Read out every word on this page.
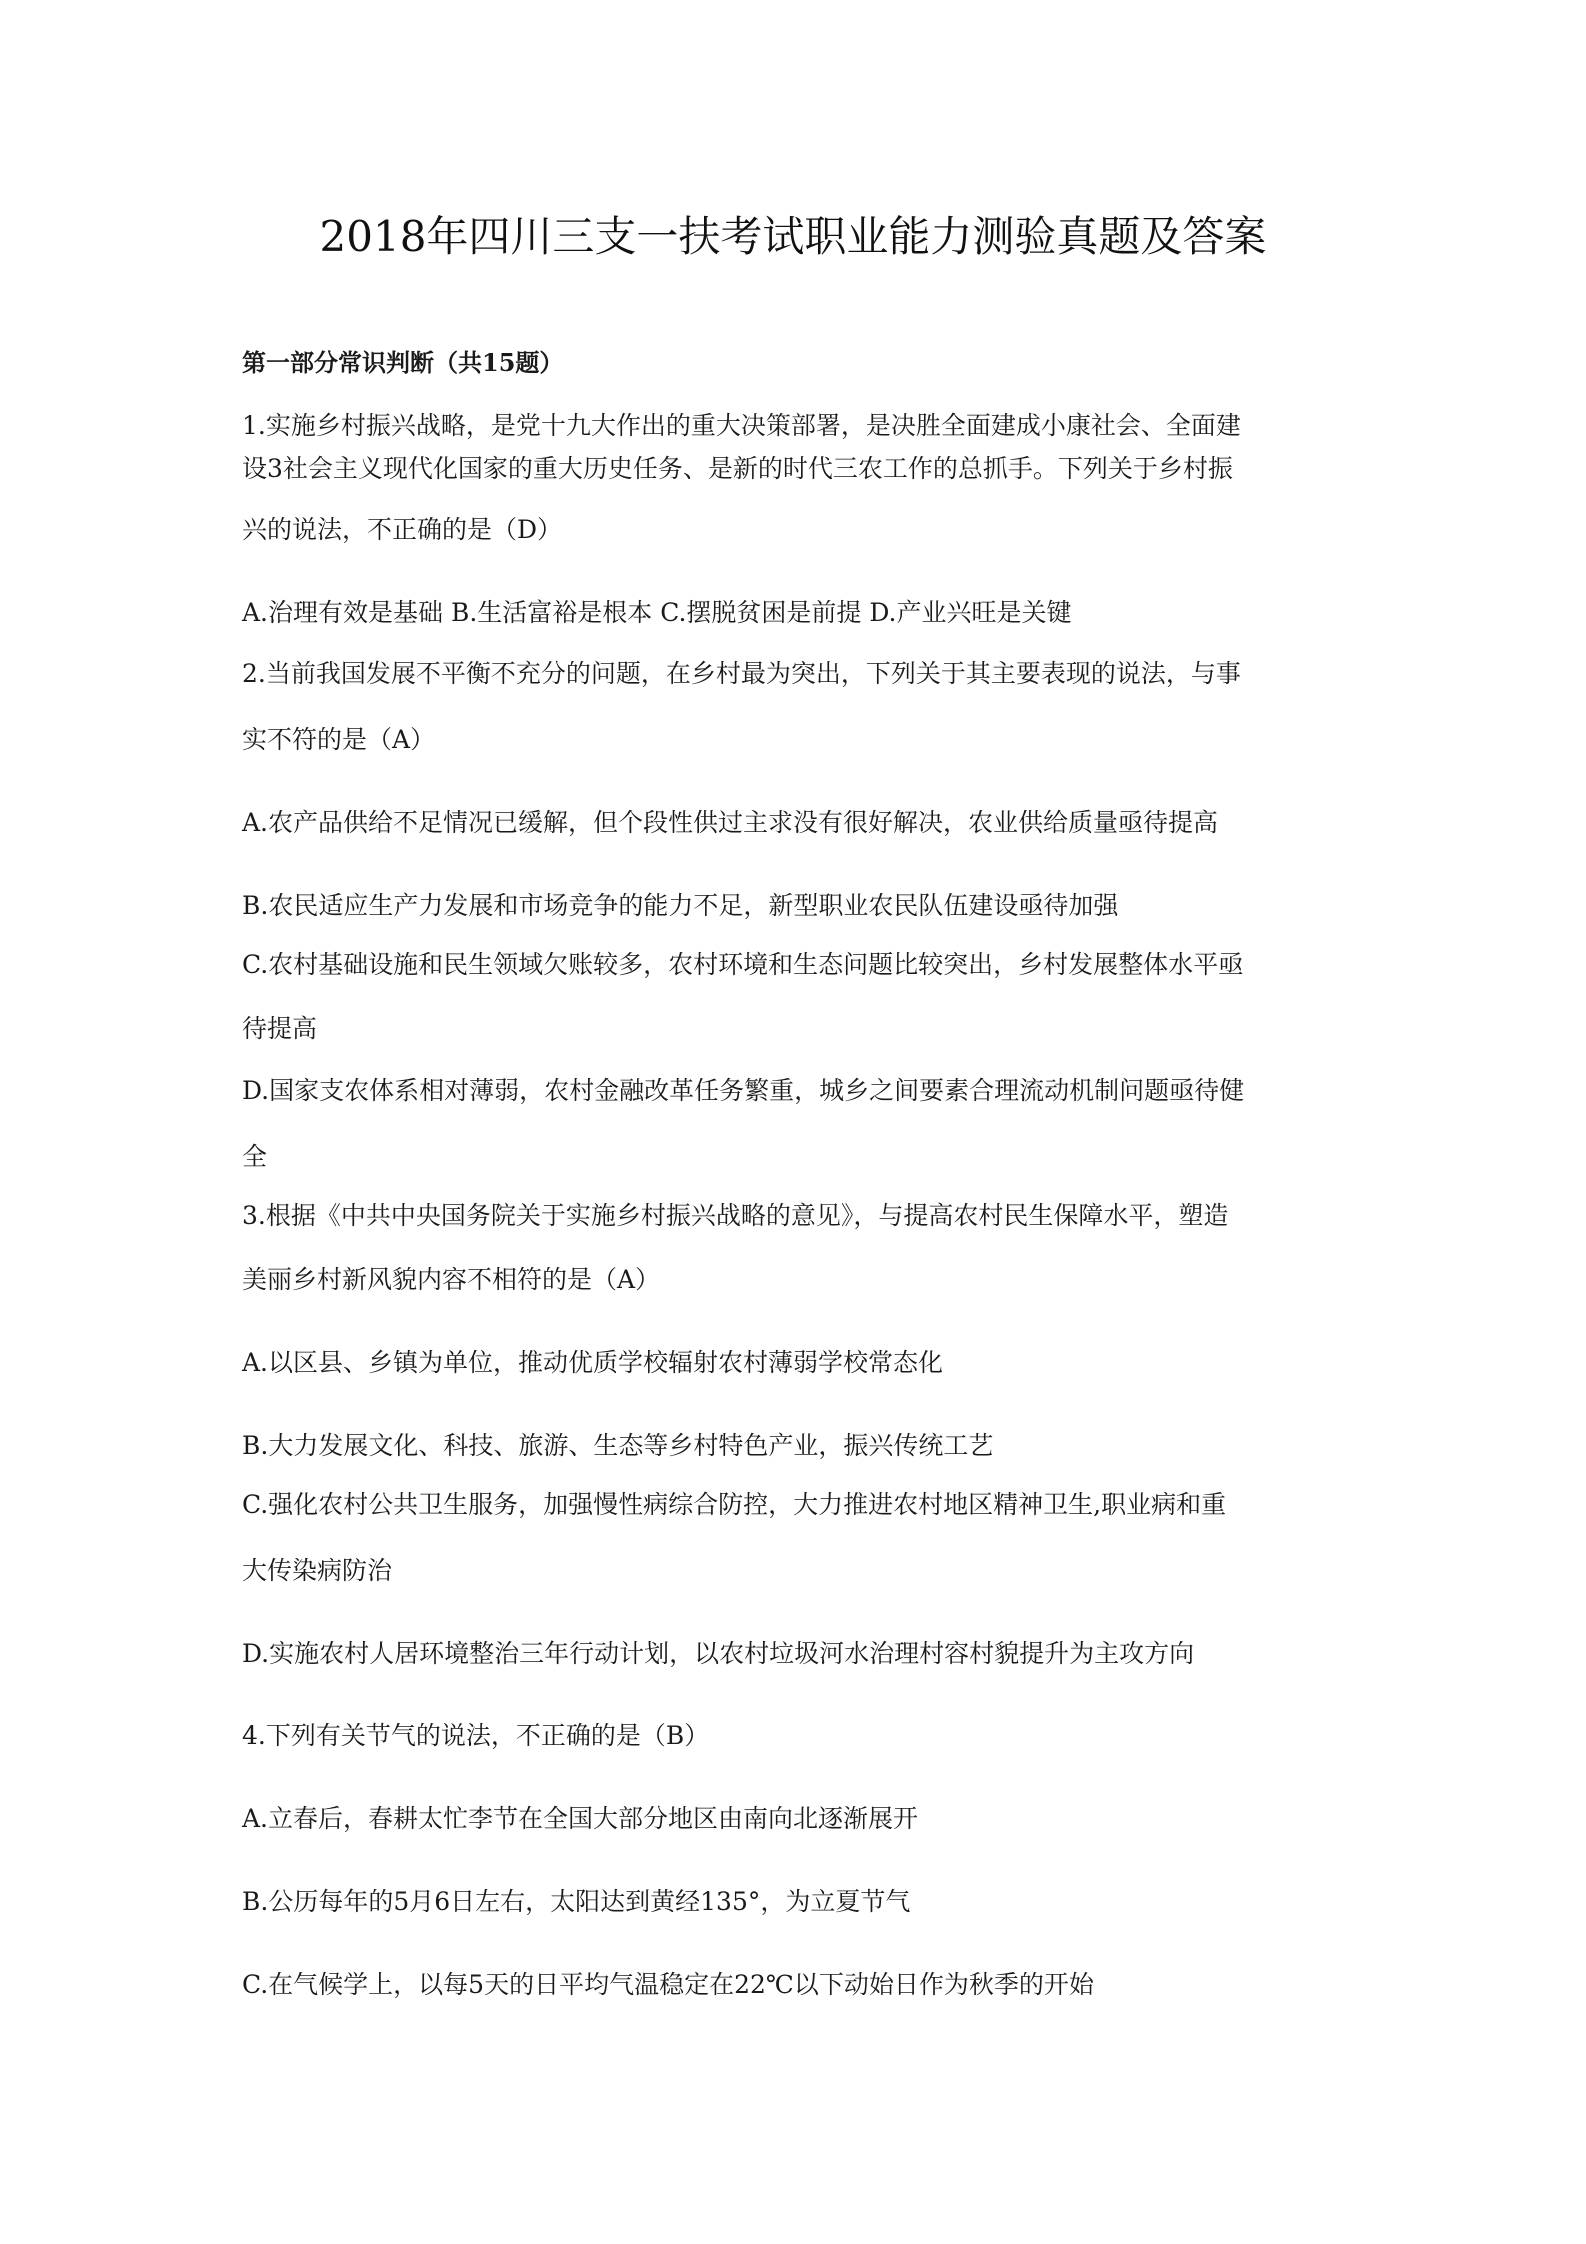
2018年四川三支一扶考试职业能力测验真题及答案
第一部分常识判断（共15题）
1.实施乡村振兴战略，是党十九大作出的重大决策部署，是决胜全面建成小康社会、全面建
设3社会主义现代化国家的重大历史任务、是新的时代三农工作的总抓手。下列关于乡村振
兴的说法，不正确的是（D）
A.治理有效是基础 B.生活富裕是根本 C.摆脱贫困是前提 D.产业兴旺是关键
2.当前我国发展不平衡不充分的问题，在乡村最为突出，下列关于其主要表现的说法，与事
实不符的是（A）
A.农产品供给不足情况已缓解，但个段性供过主求没有很好解决，农业供给质量亟待提高
B.农民适应生产力发展和市场竞争的能力不足，新型职业农民队伍建设亟待加强
C.农村基础设施和民生领域欠账较多，农村环境和生态问题比较突出，乡村发展整体水平亟
待提高
D.国家支农体系相对薄弱，农村金融改革任务繁重，城乡之间要素合理流动机制问题亟待健
全
3.根据《中共中央国务院关于实施乡村振兴战略的意见》，与提高农村民生保障水平，塑造
美丽乡村新风貌内容不相符的是（A）
A.以区县、乡镇为单位，推动优质学校辐射农村薄弱学校常态化
B.大力发展文化、科技、旅游、生态等乡村特色产业，振兴传统工艺
C.强化农村公共卫生服务，加强慢性病综合防控，大力推进农村地区精神卫生,职业病和重
大传染病防治
D.实施农村人居环境整治三年行动计划，以农村垃圾河水治理村容村貌提升为主攻方向
4.下列有关节气的说法，不正确的是（B）
A.立春后，春耕太忙李节在全国大部分地区由南向北逐渐展开
B.公历每年的5月6日左右，太阳达到黄经135°，为立夏节气
C.在气候学上，以每5天的日平均气温稳定在22℃以下动始日作为秋季的开始
